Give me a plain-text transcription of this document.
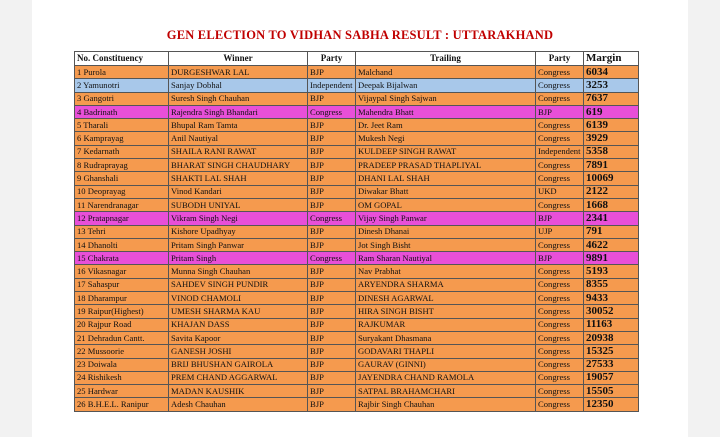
GEN ELECTION TO VIDHAN SABHA RESULT : UTTARAKHAND
No. Constituency	Winner	Party	Trailing	Party	Margin
1 Purola	DURGESHWAR LAL	BJP	Malchand	Congress	6034
2 Yamunotri	Sanjay Dobhal	Independent	Deepak Bijalwan	Congress	3253
3 Gangotri	Suresh Singh Chauhan	BJP	Vijaypal Singh Sajwan	Congress	7637
4 Badrinath	Rajendra Singh Bhandari	Congress	Mahendra Bhatt	BJP	619
5 Tharali	Bhupal Ram Tamta	BJP	Dr. Jeet Ram	Congress	6139
6 Kamprayag	Anil Nautiyal	BJP	Mukesh Negi	Congress	3929
7 Kedarnath	SHAILA RANI RAWAT	BJP	KULDEEP SINGH RAWAT	Independent	5358
8 Rudraprayag	BHARAT SINGH CHAUDHARY	BJP	PRADEEP PRASAD THAPLIYAL	Congress	7891
9 Ghanshali	SHAKTI LAL SHAH	BJP	DHANI LAL SHAH	Congress	10069
10 Deoprayag	Vinod Kandari	BJP	Diwakar Bhatt	UKD	2122
11 Narendranagar	SUBODH UNIYAL	BJP	OM GOPAL	Congress	1668
12 Pratapnagar	Vikram Singh Negi	Congress	Vijay Singh Panwar	BJP	2341
13 Tehri	Kishore Upadhyay	BJP	Dinesh Dhanai	UJP	791
14 Dhanolti	Pritam Singh Panwar	BJP	Jot Singh Bisht	Congress	4622
15 Chakrata	Pritam Singh	Congress	Ram Sharan Nautiyal	BJP	9891
16 Vikasnagar	Munna Singh Chauhan	BJP	Nav Prabhat	Congress	5193
17 Sahaspur	SAHDEV SINGH PUNDIR	BJP	ARYENDRA SHARMA	Congress	8355
18 Dharampur	VINOD CHAMOLI	BJP	DINESH AGARWAL	Congress	9433
19 Raipur(Highest)	UMESH SHARMA KAU	BJP	HIRA SINGH BISHT	Congress	30052
20 Rajpur Road	KHAJAN DASS	BJP	RAJKUMAR	Congress	11163
21 Dehradun Cantt.	Savita Kapoor	BJP	Suryakant Dhasmana	Congress	20938
22 Mussoorie	GANESH JOSHI	BJP	GODAVARI THAPLI	Congress	15325
23 Doiwala	BRIJ BHUSHAN GAIROLA	BJP	GAURAV (GINNI)	Congress	27533
24 Rishikesh	PREM CHAND AGGARWAL	BJP	JAYENDRA CHAND RAMOLA	Congress	19057
25 Hardwar	MADAN KAUSHIK	BJP	SATPAL BRAHAMCHARI	Congress	15505
26 B.H.E.L. Ranipur	Adesh Chauhan	BJP	Rajbir Singh Chauhan	Congress	12350
